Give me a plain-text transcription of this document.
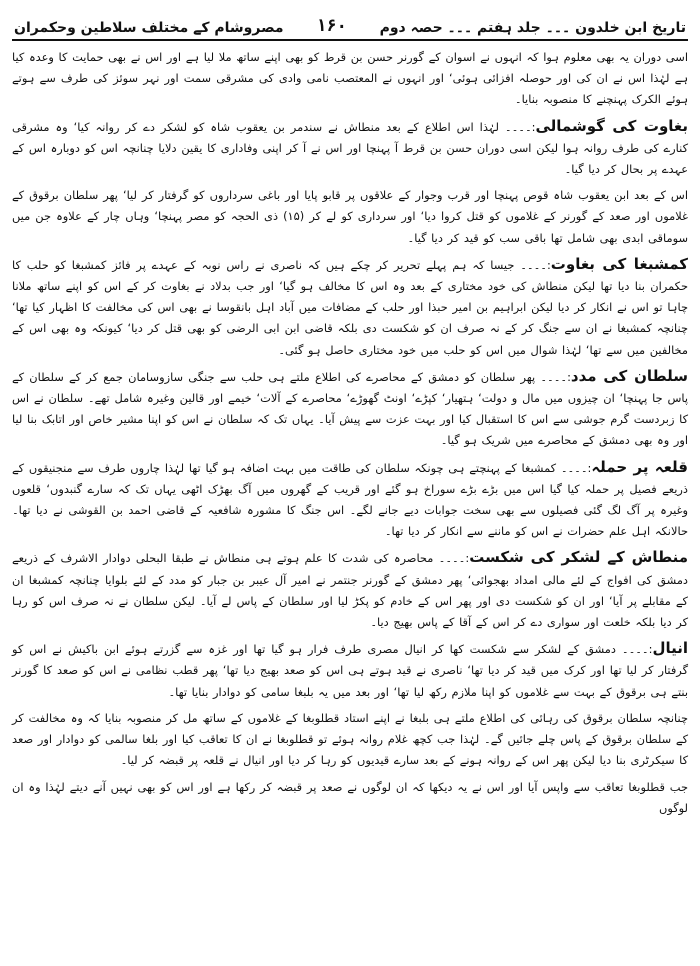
تاریخ ابن خلدون ۔۔۔ جلد ہفتم ۔۔۔ حصہ دوم
۱۶۰
مصروشام کے مختلف سلاطین وحکمران

اسی دوران یہ بھی معلوم ہوا کہ انہوں نے اسوان کے گورنر حسن بن قرط کو بھی اپنے ساتھ ملا لیا ہے اور اس نے بھی حمایت کا وعدہ کیا ہے لہٰذا اس نے ان کی اور حوصلہ افزائی ہوئی‘ اور انہوں نے المعتصب نامی وادی کی مشرقی سمت اور نہر سوئز کی طرف سے ہوتے ہوئے الکرک پہنچنے کا منصوبہ بنایا۔

بغاوت کی گوشمالی:۔۔۔۔ لہٰذا اس اطلاع کے بعد منطاش نے سندمر بن یعقوب شاہ کو لشکر دے کر روانہ کیا‘ وہ مشرقی کنارے کی طرف روانہ ہوا لیکن اسی دوران حسن بن قرط آ پہنچا اور اس نے آ کر اپنی وفاداری کا یقین دلایا چنانچہ اس کو دوبارہ اس کے عہدے پر بحال کر دیا گیا۔

اس کے بعد ابن یعقوب شاہ قوص پہنچا اور قرب وجوار کے علاقوں پر قابو پایا اور باغی سرداروں کو گرفتار کر لیا‘ پھر سلطان برقوق کے غلاموں اور صعد کے گورنر کے غلاموں کو قتل کروا دیا‘ اور سرداری کو لے کر (۱۵) ذی الحجہ کو مصر پہنچا‘ وہاں چار کے علاوہ جن میں سوماقی ابدی بھی شامل تھا باقی سب کو قید کر دیا گیا۔

کمشبغا کی بغاوت:۔۔۔۔ جیسا کہ ہم پہلے تحریر کر چکے ہیں کہ ناصری نے راس نوبہ کے عہدے پر فائز کمشبغا کو حلب کا حکمران بنا دیا تھا لیکن منطاش کی خود مختاری کے بعد وہ اس کا مخالف ہو گیا‘ اور جب بدلاد نے بغاوت کر کے اس کو اپنے ساتھ ملانا چاہا تو اس نے انکار کر دیا لیکن ابراہیم بن امیر حبذا اور حلب کے مضافات میں آباد اہل بانقوسا نے بھی اس کی مخالفت کا اظہار کیا تھا‘ چنانچہ کمشبغا نے ان سے جنگ کر کے نہ صرف ان کو شکست دی بلکہ قاضی ابن ابی الرضی کو بھی قتل کر دیا‘ کیونکہ وہ بھی اس کے مخالفین میں سے تھا‘ لہٰذا شوال میں اس کو حلب میں خود مختاری حاصل ہو گئی۔

سلطان کی مدد:۔۔۔۔ پھر سلطان کو دمشق کے محاصرے کی اطلاع ملتے ہی حلب سے جنگی سازوسامان جمع کر کے سلطان کے پاس جا پہنچا‘ ان چیزوں میں مال و دولت‘ ہتھیار‘ کپڑے‘ اونٹ گھوڑے‘ محاصرے کے آلات‘ خیمے اور قالین وغیرہ شامل تھے۔ سلطان نے اس کا زبردست گرم جوشی سے اس کا استقبال کیا اور بہت عزت سے پیش آیا۔ یہاں تک کہ سلطان نے اس کو اپنا مشیر خاص اور اتابک بنا لیا اور وہ بھی دمشق کے محاصرے میں شریک ہو گیا۔

قلعہ پر حملہ:۔۔۔۔ کمشبغا کے پہنچتے ہی چونکہ سلطان کی طاقت میں بہت اضافہ ہو گیا تھا لہٰذا چاروں طرف سے منجنیقوں کے ذریعے فصیل پر حملہ کیا گیا اس میں بڑے بڑے سوراخ ہو گئے اور قریب کے گھروں میں آگ بھڑک اٹھی یہاں تک کہ سارے گنبدوں‘ قلعوں وغیرہ پر آگ لگ گئی فصیلوں سے بھی سخت جوابات دیے جانے لگے۔ اس جنگ کا مشورہ شافعیہ کے قاضی احمد بن القوشی نے دیا تھا۔ حالانکہ اہل علم حضرات نے اس کو ماننے سے انکار کر دیا تھا۔

منطاش کے لشکر کی شکست:۔۔۔۔ محاصرہ کی شدت کا علم ہوتے ہی منطاش نے طبقا البحلی دوادار الاشرف کے ذریعے دمشق کی افواج کے لئے مالی امداد بھجوائی‘ پھر دمشق کے گورنر جنتمر نے امیر آل عیبر بن جبار کو مدد کے لئے بلوایا چنانچہ کمشبغا ان کے مقابلے پر آیا‘ اور ان کو شکست دی اور پھر اس کے خادم کو پکڑ لیا اور سلطان کے پاس لے آیا۔ لیکن سلطان نے نہ صرف اس کو رہا کر دیا بلکہ خلعت اور سواری دے کر اس کے آقا کے پاس بھیج دیا۔

انیال:۔۔۔۔ دمشق کے لشکر سے شکست کھا کر انیال مصری طرف فرار ہو گیا تھا اور غزہ سے گزرتے ہوئے ابن باکیش نے اس کو گرفتار کر لیا تھا اور کرک میں قید کر دیا تھا‘ ناصری نے قید ہوتے ہی اس کو صعد بھیج دیا تھا‘ پھر قطب نظامی نے اس کو صعد کا گورنر بنتے ہی برقوق کے بہت سے غلاموں کو اپنا ملازم رکھ لیا تھا‘ اور بعد میں یہ بلبغا سامی کو دوادار بنایا تھا۔

چنانچہ سلطان برقوق کی رہائی کی اطلاع ملتے ہی بلبغا نے اپنے استاد قطلوبغا کے غلاموں کے ساتھ مل کر منصوبہ بنایا کہ وہ مخالفت کر کے سلطان برقوق کے پاس چلے جائیں گے۔ لہٰذا جب کچھ غلام روانہ ہوئے تو قطلوبغا نے ان کا تعاقب کیا اور بلغا سالمی کو دوادار اور صعد کا سیکرٹری بنا دیا لیکن پھر اس کے روانہ ہونے کے بعد سارے قیدیوں کو رہا کر دیا اور انیال نے قلعہ پر قبضہ کر لیا۔

جب قطلوبغا تعاقب سے واپس آیا اور اس نے یہ دیکھا کہ ان لوگوں نے صعد پر قبضہ کر رکھا ہے اور اس کو بھی نہیں آنے دیتے لہٰذا وہ ان لوگوں
